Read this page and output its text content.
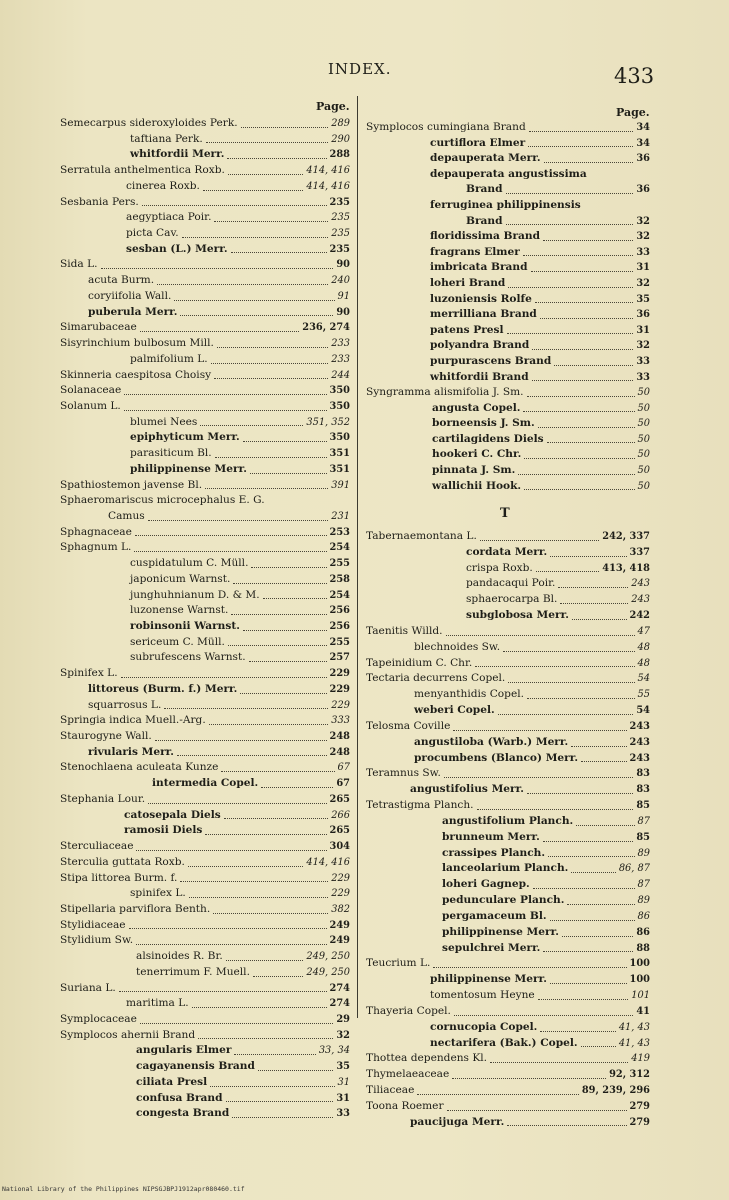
INDEX.	433
Page.	Page.
Semecarpus sideroxyloides Perk.	289
taftiana Perk.	290
whitfordii Merr.	288
Serratula anthelmentica Roxb.	414, 416
cinerea Roxb.	414, 416
Sesbania Pers.	235
aegyptiaca Poir.	235
picta Cav.	235
sesban (L.) Merr.	235
Sida L.	90
acuta Burm.	240
coryiifolia Wall.	91
puberula Merr.	90
Simarubaceae	236, 274
Sisyrinchium bulbosum Mill.	233
palmifolium L.	233
Skinneria caespitosa Choisy	244
Solanaceae	350
Solanum L.	350
blumei Nees	351, 352
epiphyticum Merr.	350
parasiticum Bl.	351
philippinense Merr.	351
Spathiostemon javense Bl.	391
Sphaeromariscus microcephalus E. G.
Camus	231
Sphagnaceae	253
Sphagnum L.	254
cuspidatulum C. Müll.	255
japonicum Warnst.	258
junghuhnianum D. & M.	254
luzonense Warnst.	256
robinsonii Warnst.	256
sericeum C. Müll.	255
subrufescens Warnst.	257
Spinifex L.	229
littoreus (Burm. f.) Merr.	229
squarrosus L.	229
Springia indica Muell.-Arg.	333
Staurogyne Wall.	248
rivularis Merr.	248
Stenochlaena aculeata Kunze	67
intermedia Copel.	67
Stephania Lour.	265
catosepala Diels	266
ramosii Diels	265
Sterculiaceae	304
Sterculia guttata Roxb.	414, 416
Stipa littorea Burm. f.	229
spinifex L.	229
Stipellaria parviflora Benth.	382
Stylidiaceae	249
Stylidium Sw.	249
alsinoides R. Br.	249, 250
tenerrimum F. Muell.	249, 250
Suriana L.	274
maritima L.	274
Symplocaceae	29
Symplocos ahernii Brand	32
angularis Elmer	33, 34
cagayanensis Brand	35
ciliata Presl	31
confusa Brand	31
congesta Brand	33
Symplocos cumingiana Brand	34
curtiflora Elmer	34
depauperata Merr.	36
depauperata angustissima
Brand	36
ferruginea philippinensis
Brand	32
floridissima Brand	32
fragrans Elmer	33
imbricata Brand	31
loheri Brand	32
luzoniensis Rolfe	35
merrilliana Brand	36
patens Presl	31
polyandra Brand	32
purpurascens Brand	33
whitfordii Brand	33
Syngramma alismifolia J. Sm.	50
angusta Copel.	50
borneensis J. Sm.	50
cartilagidens Diels	50
hookeri C. Chr.	50
pinnata J. Sm.	50
wallichii Hook.	50
T
Tabernaemontana L.	242, 337
cordata Merr.	337
crispa Roxb.	413, 418
pandacaqui Poir.	243
sphaerocarpa Bl.	243
subglobosa Merr.	242
Taenitis Willd.	47
blechnoides Sw.	48
Tapeinidium C. Chr.	48
Tectaria decurrens Copel.	54
menyanthidis Copel.	55
weberi Copel.	54
Telosma Coville	243
angustiloba (Warb.) Merr.	243
procumbens (Blanco) Merr.	243
Teramnus Sw.	83
angustifolius Merr.	83
Tetrastigma Planch.	85
angustifolium Planch.	87
brunneum Merr.	85
crassipes Planch.	89
lanceolarium Planch.	86, 87
loheri Gagnep.	87
pedunculare Planch.	89
pergamaceum Bl.	86
philippinense Merr.	86
sepulchrei Merr.	88
Teucrium L.	100
philippinense Merr.	100
tomentosum Heyne	101
Thayeria Copel.	41
cornucopia Copel.	41, 43
nectarifera (Bak.) Copel.	41, 43
Thottea dependens Kl.	419
Thymelaeaceae	92, 312
Tiliaceae	89, 239, 296
Toona Roemer	279
paucijuga Merr.	279
National Library of the Philippines NIPSGJBPJ1912apr080460.tif
